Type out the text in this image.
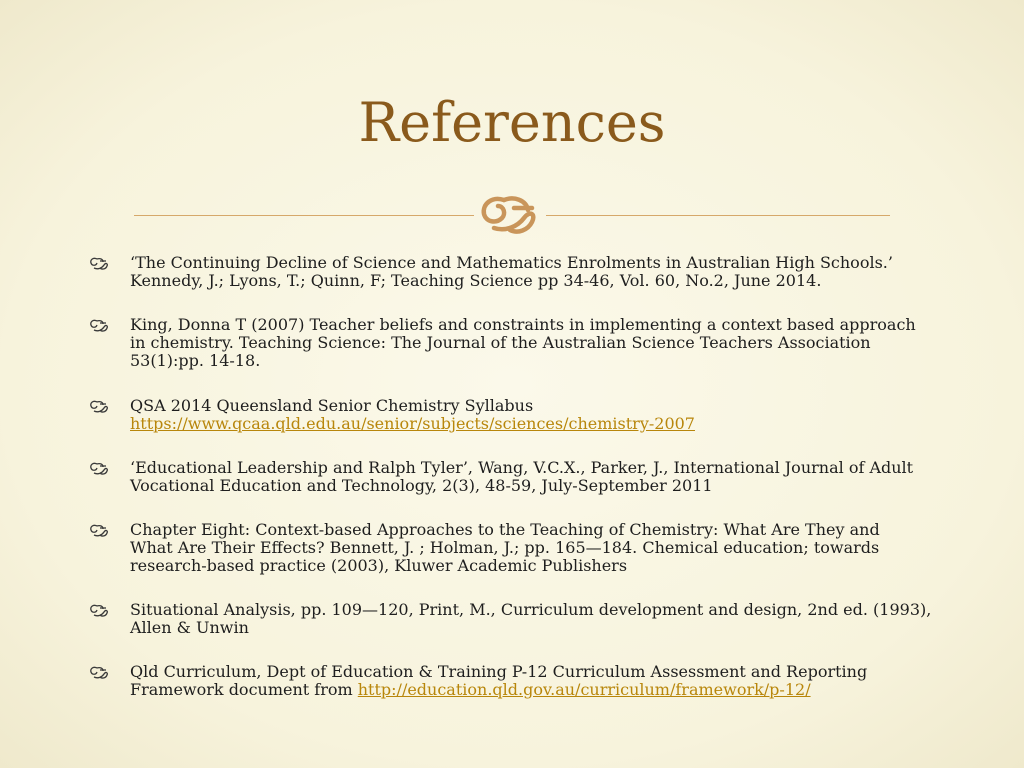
References
‘The Continuing Decline of Science and Mathematics Enrolments in Australian High Schools.’
Kennedy, J.; Lyons, T.; Quinn, F; Teaching Science pp 34-46, Vol. 60, No.2, June 2014.
King, Donna T (2007) Teacher beliefs and constraints in implementing a context based approach
in chemistry. Teaching Science: The Journal of the Australian Science Teachers Association
53(1):pp. 14-18.
QSA 2014 Queensland Senior Chemistry Syllabus
https://www.qcaa.qld.edu.au/senior/subjects/sciences/chemistry-2007
‘Educational Leadership and Ralph Tyler’, Wang, V.C.X., Parker, J., International Journal of Adult
Vocational Education and Technology, 2(3), 48-59, July-September 2011
Chapter Eight: Context-based Approaches to the Teaching of Chemistry: What Are They and
What Are Their Effects? Bennett, J. ; Holman, J.; pp. 165—184. Chemical education; towards
research-based practice (2003), Kluwer Academic Publishers
Situational Analysis, pp. 109—120, Print, M., Curriculum development and design, 2nd ed. (1993),
Allen & Unwin
Qld Curriculum, Dept of Education & Training P-12 Curriculum Assessment and Reporting
Framework document from http://education.qld.gov.au/curriculum/framework/p-12/
